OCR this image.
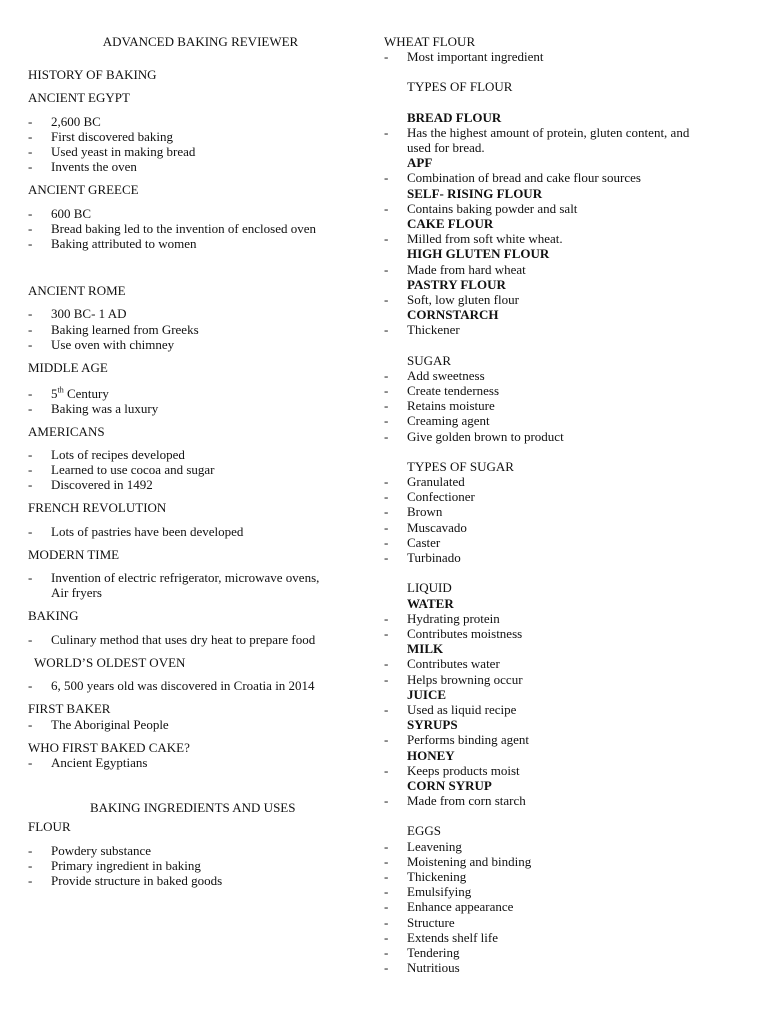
ADVANCED BAKING REVIEWER
HISTORY OF BAKING
ANCIENT EGYPT
- 2,600 BC
- First discovered baking
- Used yeast in making bread
- Invents the oven
ANCIENT GREECE
- 600 BC
- Bread baking led to the invention of enclosed oven
- Baking attributed to women
ANCIENT ROME
- 300 BC- 1 AD
- Baking learned from Greeks
- Use oven with chimney
MIDDLE AGE
- 5th Century
- Baking was a luxury
AMERICANS
- Lots of recipes developed
- Learned to use cocoa and sugar
- Discovered in 1492
FRENCH REVOLUTION
- Lots of pastries have been developed
MODERN TIME
- Invention of electric refrigerator, microwave ovens,
Air fryers
BAKING
- Culinary method that uses dry heat to prepare food
WORLD’S OLDEST OVEN
- 6, 500 years old was discovered in Croatia in 2014
FIRST BAKER
- The Aboriginal People
WHO FIRST BAKED CAKE?
- Ancient Egyptians
BAKING INGREDIENTS AND USES
FLOUR
- Powdery substance
- Primary ingredient in baking
- Provide structure in baked goods
WHEAT FLOUR
- Most important ingredient
TYPES OF FLOUR
BREAD FLOUR
- Has the highest amount of protein, gluten content, and
used for bread.
APF
- Combination of bread and cake flour sources
SELF- RISING FLOUR
- Contains baking powder and salt
CAKE FLOUR
- Milled from soft white wheat.
HIGH GLUTEN FLOUR
- Made from hard wheat
PASTRY FLOUR
- Soft, low gluten flour
CORNSTARCH
- Thickener
SUGAR
- Add sweetness
- Create tenderness
- Retains moisture
- Creaming agent
- Give golden brown to product
TYPES OF SUGAR
- Granulated
- Confectioner
- Brown
- Muscavado
- Caster
- Turbinado
LIQUID
WATER
- Hydrating protein
- Contributes moistness
MILK
- Contributes water
- Helps browning occur
JUICE
- Used as liquid recipe
SYRUPS
- Performs binding agent
HONEY
- Keeps products moist
CORN SYRUP
- Made from corn starch
EGGS
- Leavening
- Moistening and binding
- Thickening
- Emulsifying
- Enhance appearance
- Structure
- Extends shelf life
- Tendering
- Nutritious
